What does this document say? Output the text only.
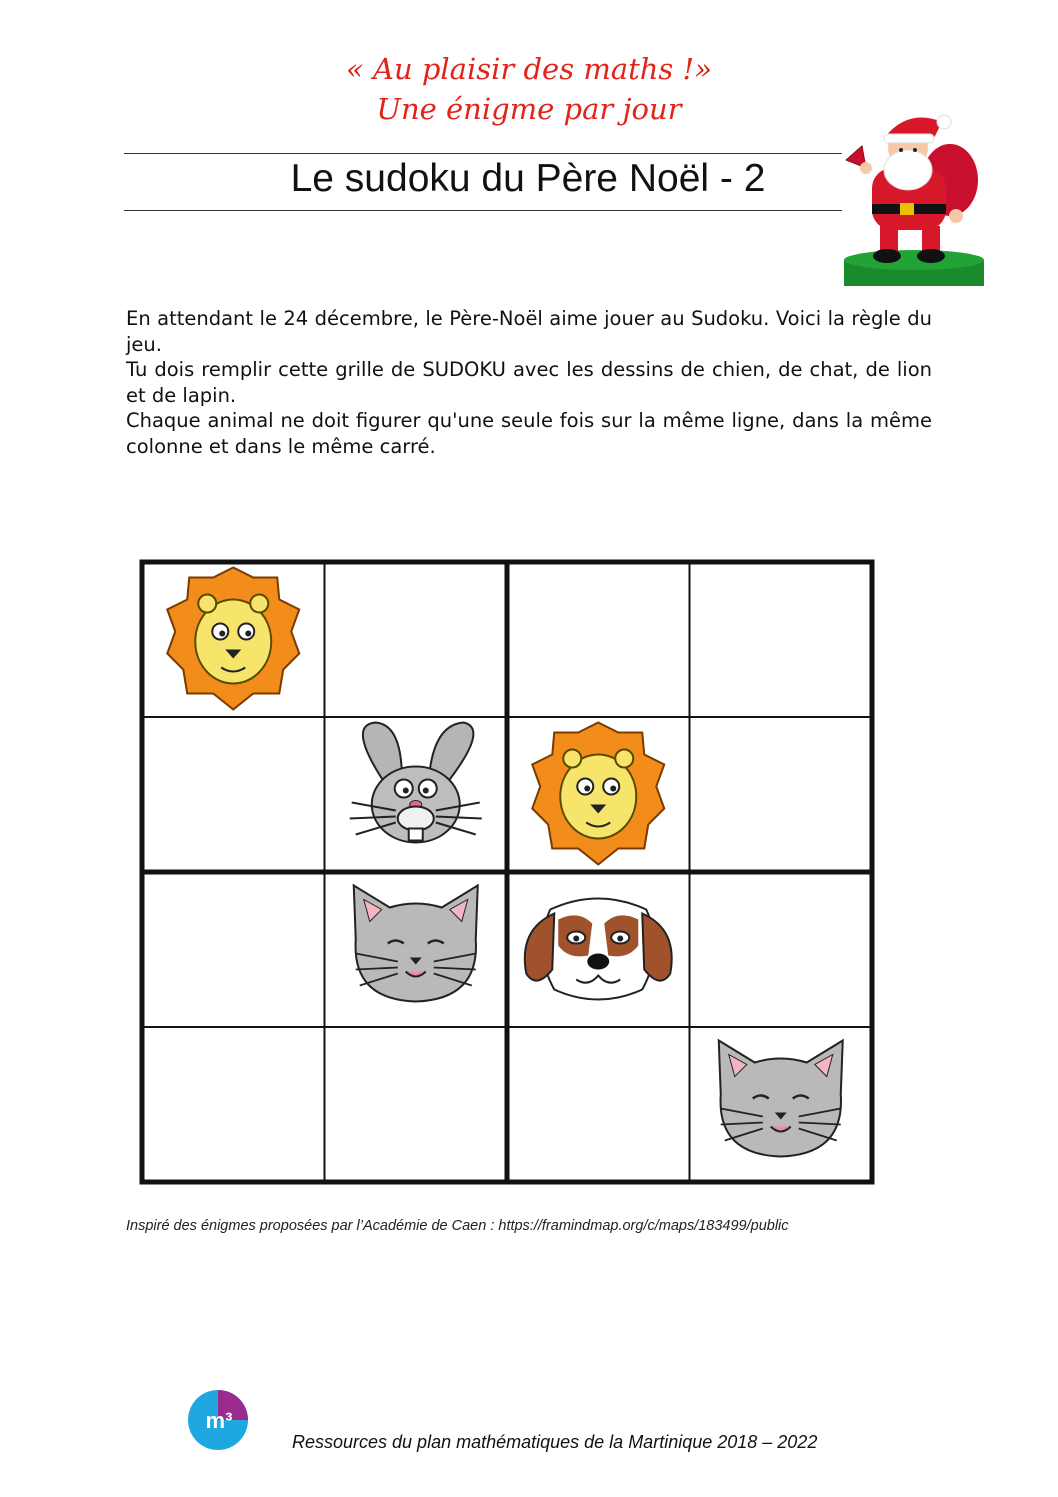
« Au plaisir des maths !»
Une énigme par jour
Le sudoku du Père Noël - 2

En attendant le 24 décembre, le Père-Noël aime jouer au Sudoku. Voici la règle du jeu.

Tu dois remplir cette grille de SUDOKU avec les dessins de chien, de chat, de lion et de lapin.

Chaque animal ne doit figurer qu'une seule fois sur la même ligne, dans la même colonne et dans le même carré.

Inspiré des énigmes proposées par l’Académie de Caen : https://framindmap.org/c/maps/183499/public
m³
Ressources du plan mathématiques de la Martinique 2018 – 2022
